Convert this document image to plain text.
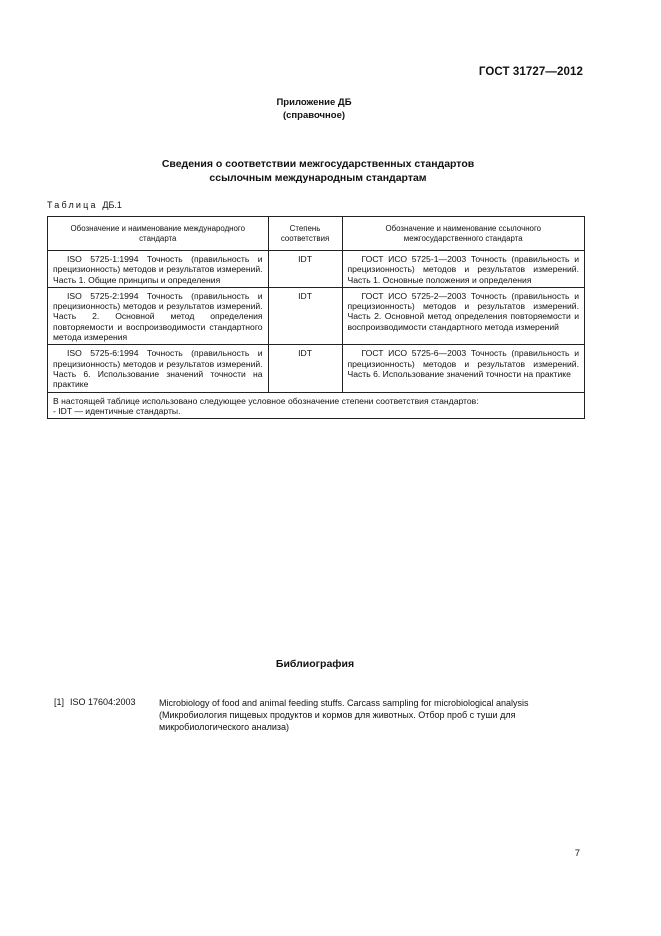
ГОСТ 31727—2012
Приложение ДБ
(справочное)
Сведения о соответствии межгосударственных стандартов
ссылочным международным стандартам
Таблица ДБ.1
Обозначение и наименование международного стандарта	Степень соответствия	Обозначение и наименование ссылочного межгосударственного стандарта
ISO 5725-1:1994 Точность (правильность и прецизионность) методов и результатов измерений. Часть 1. Общие принципы и определения	IDT	ГОСТ ИСО 5725-1—2003 Точность (правильность и прецизионность) методов и результатов измерений. Часть 1. Основные положения и определения
ISO 5725-2:1994 Точность (правильность и прецизионность) методов и результатов измерений. Часть 2. Основной метод определения повторяемости и воспроизводимости стандартного метода измерения	IDT	ГОСТ ИСО 5725-2—2003 Точность (правильность и прецизионность) методов и результатов измерений. Часть 2. Основной метод определения повторяемости и воспроизводимости стандартного метода измерений
ISO 5725-6:1994 Точность (правильность и прецизионность) методов и результатов измерений. Часть 6. Использование значений точности на практике	IDT	ГОСТ ИСО 5725-6—2003 Точность (правильность и прецизионность) методов и результатов измерений. Часть 6. Использование значений точности на практике

В настоящей таблице использовано следующее условное обозначение степени соответствия стандартов:
- IDT — идентичные стандарты.		
Библиография
[1] ISO 17604:2003	Microbiology of food and animal feeding stuffs. Carcass sampling for microbiological analysis (Микробиология пищевых продуктов и кормов для животных. Отбор проб с туши для микробиологического анализа)
7
